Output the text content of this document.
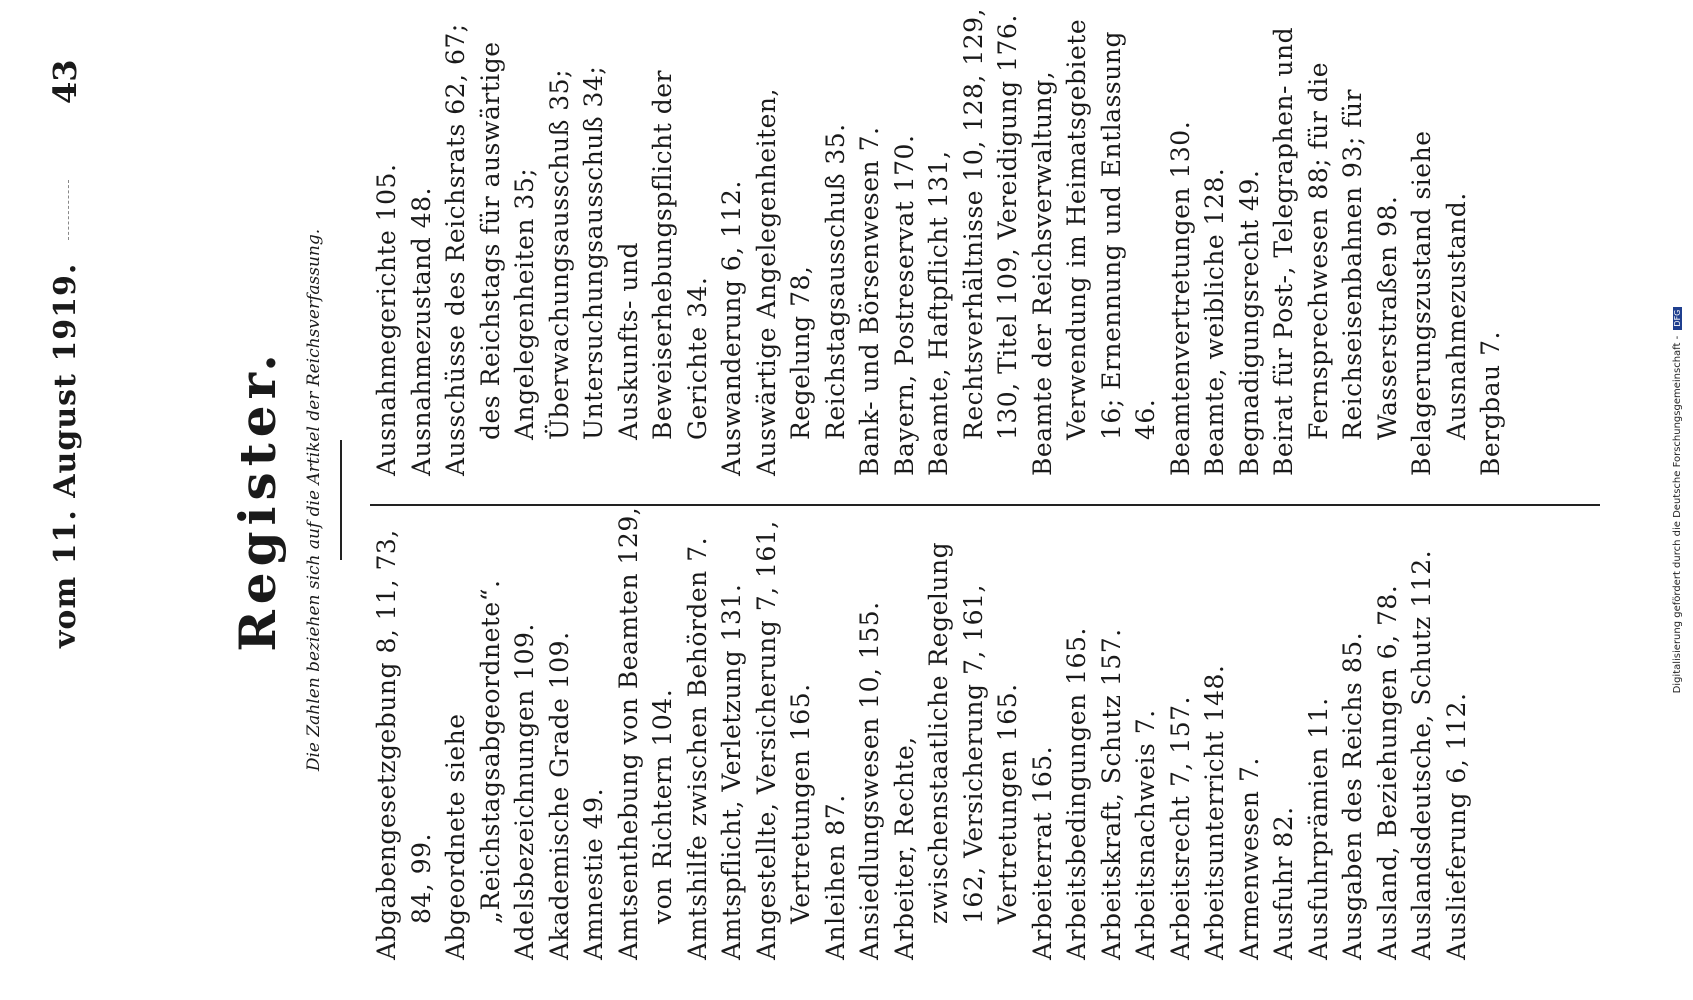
vom 11. August 1919.
43
Register. Die Zahlen beziehen sich auf die Artikel der Reichsverfassung.

Abgabengesetzgebung 8, 11, 73, 84, 99. Abgeordnete siehe „Reichstagsabgeordnete“. Adelsbezeichnungen 109.

Akademische Grade 109.

Amnestie 49. Amtsenthebung von Beamten 129, von Richtern 104. Amtshilfe zwischen Behörden 7.

Amtspflicht, Verletzung 131.

Angestellte, Versicherung 7, 161, Vertretungen 165. Anleihen 87. Ansiedlungswesen 10, 155.

Arbeiter, Rechte, zwischenstaatliche Regelung 162, Versicherung 7, 161, Vertretungen 165. Arbeiterrat 165. Arbeitsbedingungen 165.

Arbeitskraft, Schutz 157.

Arbeitsnachweis 7.

Arbeitsrecht 7, 157. Arbeitsunterricht 148.

Armenwesen 7.

Ausfuhr 82. Ausfuhrprämien 11. Ausgaben des Reichs 85.

Ausland, Beziehungen 6, 78. Auslandsdeutsche, Schutz 112.

Auslieferung 6, 112.

Ausnahmegerichte 105.

Ausnahmezustand 48.

Ausschüsse des Reichsrats 62, 67; des Reichstags für auswärtige Angelegenheiten 35; Überwachungsausschuß 35; Untersuchungsausschuß 34; Auskunfts- und Beweiserhebungspflicht der Gerichte 34. Auswanderung 6, 112. Auswärtige Angelegenheiten, Regelung 78, Reichstagsausschuß 35. Bank- und Börsenwesen 7.

Bayern, Postreservat 170.

Beamte, Haftpflicht 131, Rechtsverhältnisse 10, 128, 129, 130, Titel 109, Vereidigung 176. Beamte der Reichsverwaltung, Verwendung im Heimatsgebiete 16; Ernennung und Entlassung 46. Beamtenvertretungen 130.

Beamte, weibliche 128. Begnadigungsrecht 49.

Beirat für Post-, Telegraphen- und Fernsprechwesen 88; für die Reichseisenbahnen 93; für Wasserstraßen 98. Belagerungszustand siehe Ausnahmezustand. Bergbau 7.	Digitalisierung gefördert durch die Deutsche Forschungsgemeinschaft - DFG
